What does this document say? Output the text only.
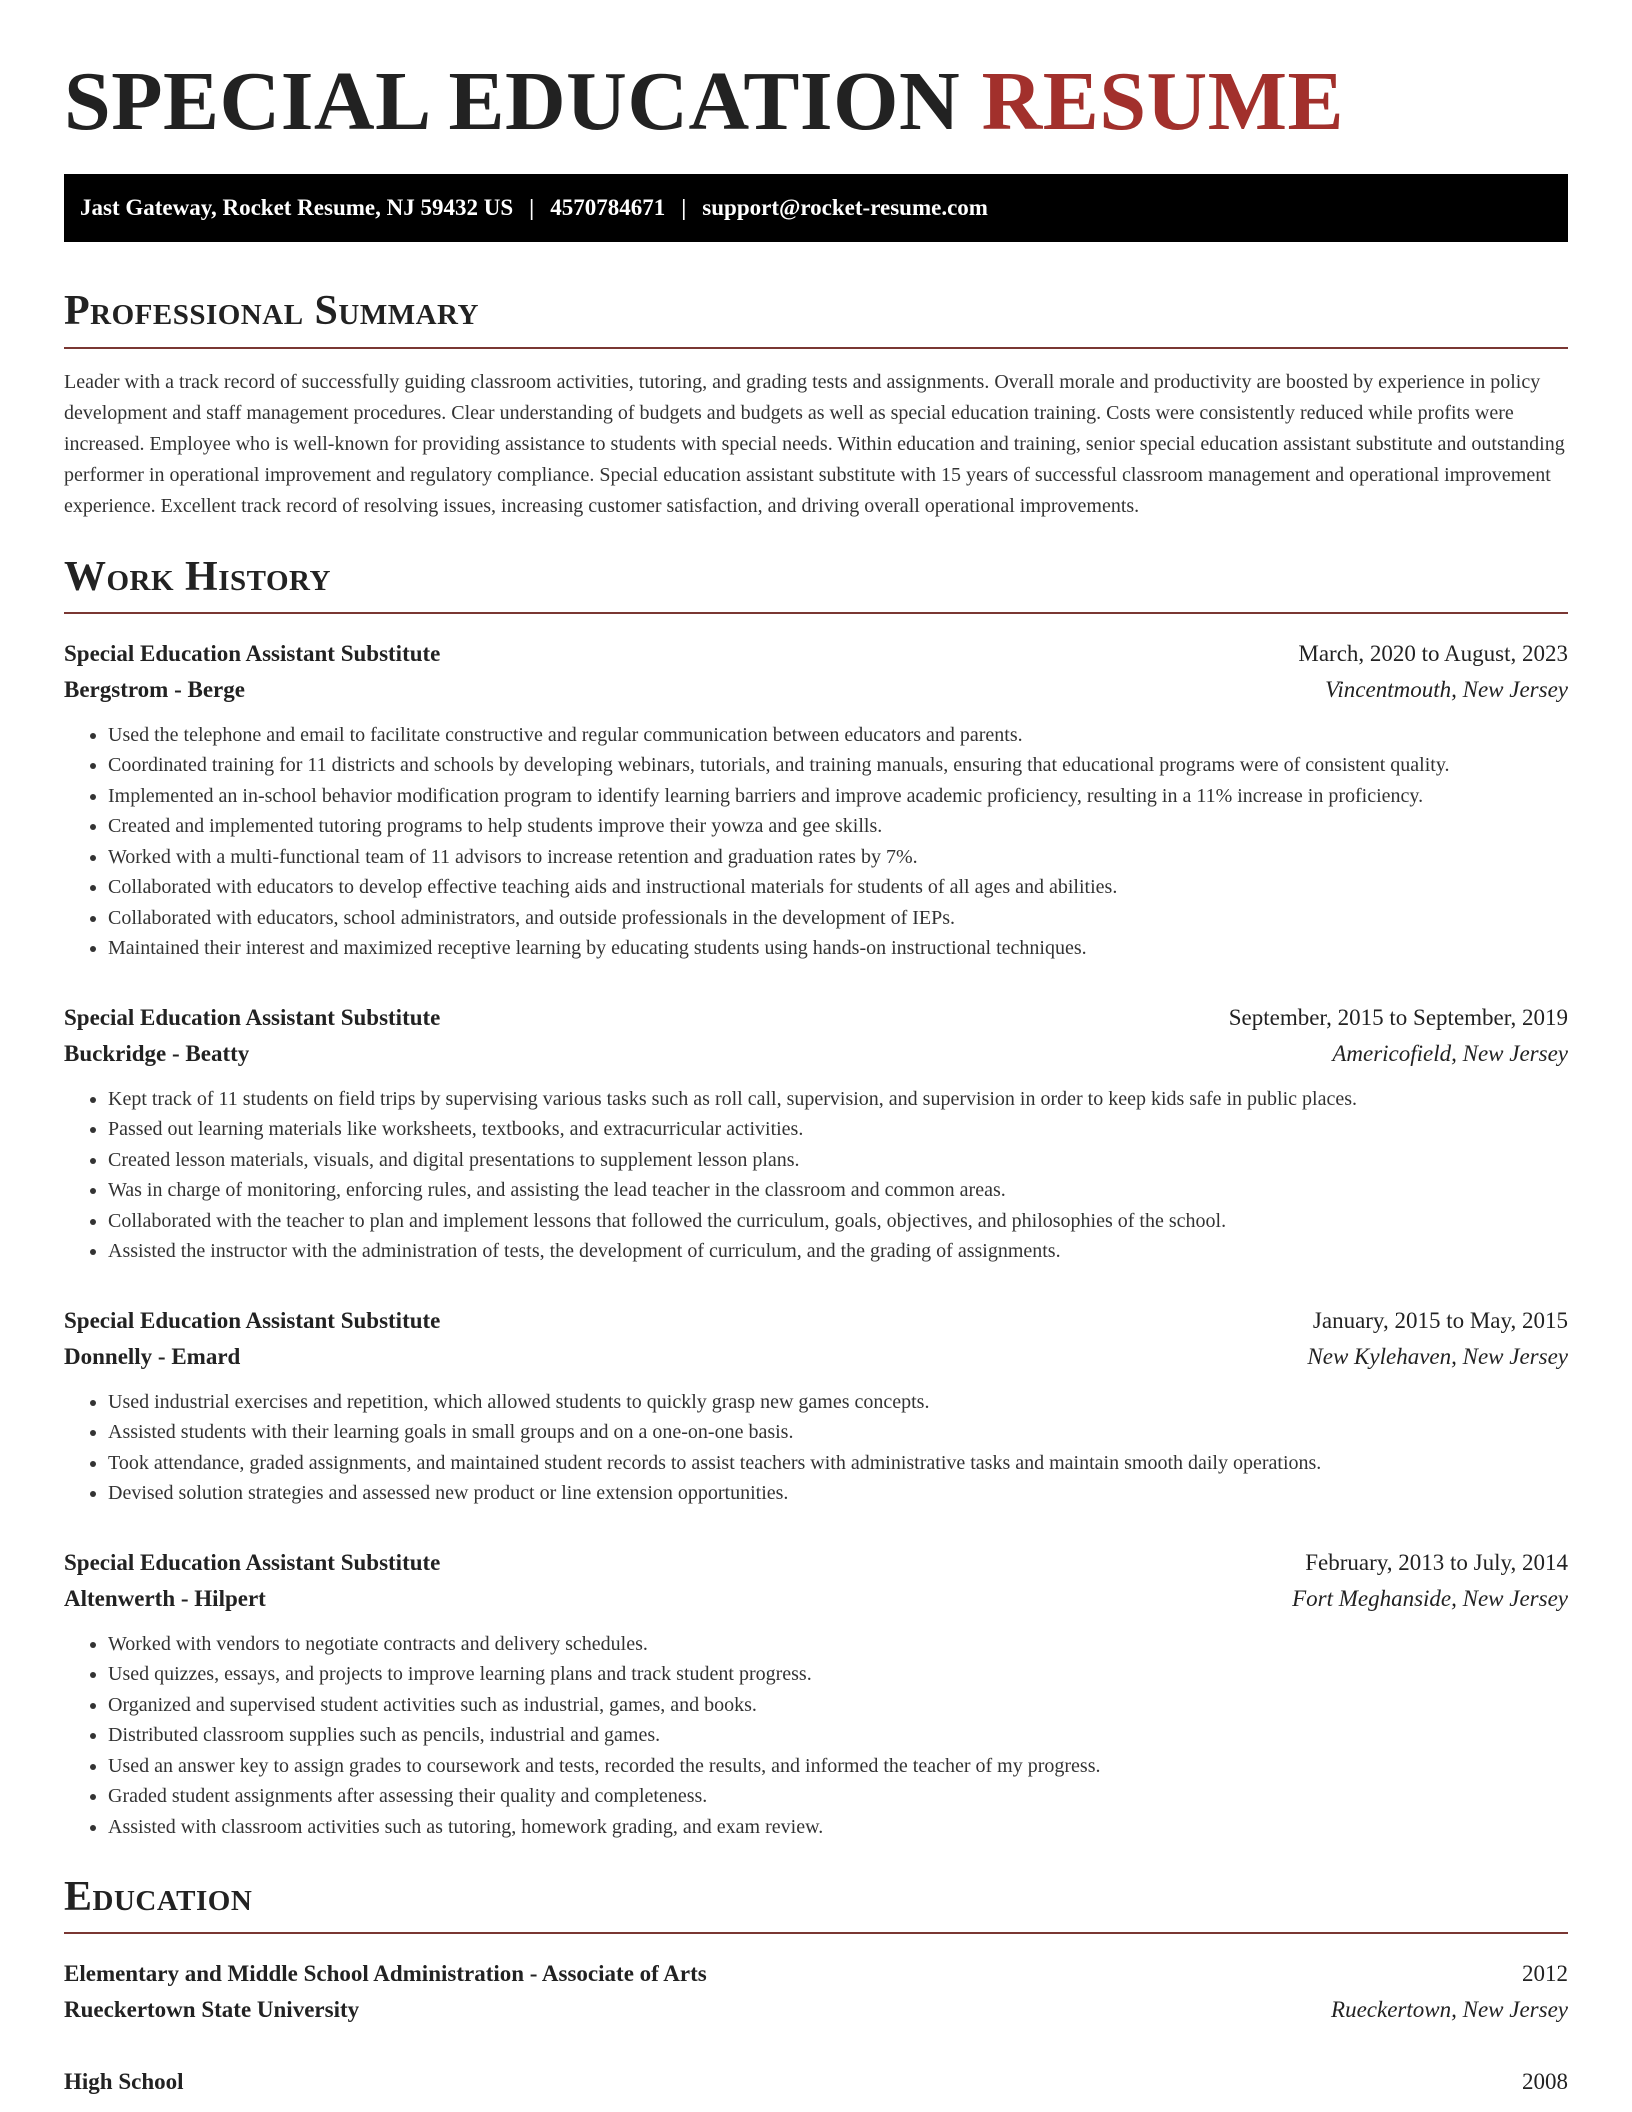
SPECIAL EDUCATION RESUME
Jast Gateway, Rocket Resume, NJ 59432 US | 4570784671 | support@rocket-resume.com
Professional Summary

Leader with a track record of successfully guiding classroom activities, tutoring, and grading tests and assignments. Overall morale and productivity are boosted by experience in policy development and staff management procedures. Clear understanding of budgets and budgets as well as special education training. Costs were consistently reduced while profits were increased. Employee who is well-known for providing assistance to students with special needs. Within education and training, senior special education assistant substitute and outstanding performer in operational improvement and regulatory compliance. Special education assistant substitute with 15 years of successful classroom management and operational improvement experience. Excellent track record of resolving issues, increasing customer satisfaction, and driving overall operational improvements.

Work History
Special Education Assistant Substitute	March, 2020 to August, 2023
Bergstrom - Berge	Vincentmouth, New Jersey
• Used the telephone and email to facilitate constructive and regular communication between educators and parents.
• Coordinated training for 11 districts and schools by developing webinars, tutorials, and training manuals, ensuring that educational programs were of consistent quality.
• Implemented an in-school behavior modification program to identify learning barriers and improve academic proficiency, resulting in a 11% increase in proficiency.
• Created and implemented tutoring programs to help students improve their yowza and gee skills.
• Worked with a multi-functional team of 11 advisors to increase retention and graduation rates by 7%.
• Collaborated with educators to develop effective teaching aids and instructional materials for students of all ages and abilities.
• Collaborated with educators, school administrators, and outside professionals in the development of IEPs.
• Maintained their interest and maximized receptive learning by educating students using hands-on instructional techniques.
Special Education Assistant Substitute	September, 2015 to September, 2019
Buckridge - Beatty	Americofield, New Jersey
• Kept track of 11 students on field trips by supervising various tasks such as roll call, supervision, and supervision in order to keep kids safe in public places.
• Passed out learning materials like worksheets, textbooks, and extracurricular activities.
• Created lesson materials, visuals, and digital presentations to supplement lesson plans.
• Was in charge of monitoring, enforcing rules, and assisting the lead teacher in the classroom and common areas.
• Collaborated with the teacher to plan and implement lessons that followed the curriculum, goals, objectives, and philosophies of the school.
• Assisted the instructor with the administration of tests, the development of curriculum, and the grading of assignments.
Special Education Assistant Substitute	January, 2015 to May, 2015
Donnelly - Emard	New Kylehaven, New Jersey
• Used industrial exercises and repetition, which allowed students to quickly grasp new games concepts.
• Assisted students with their learning goals in small groups and on a one-on-one basis.
• Took attendance, graded assignments, and maintained student records to assist teachers with administrative tasks and maintain smooth daily operations.
• Devised solution strategies and assessed new product or line extension opportunities.
Special Education Assistant Substitute	February, 2013 to July, 2014
Altenwerth - Hilpert	Fort Meghanside, New Jersey
• Worked with vendors to negotiate contracts and delivery schedules.
• Used quizzes, essays, and projects to improve learning plans and track student progress.
• Organized and supervised student activities such as industrial, games, and books.
• Distributed classroom supplies such as pencils, industrial and games.
• Used an answer key to assign grades to coursework and tests, recorded the results, and informed the teacher of my progress.
• Graded student assignments after assessing their quality and completeness.
• Assisted with classroom activities such as tutoring, homework grading, and exam review.
Education
Elementary and Middle School Administration - Associate of Arts	2012
Rueckertown State University	Rueckertown, New Jersey
High School	2008
